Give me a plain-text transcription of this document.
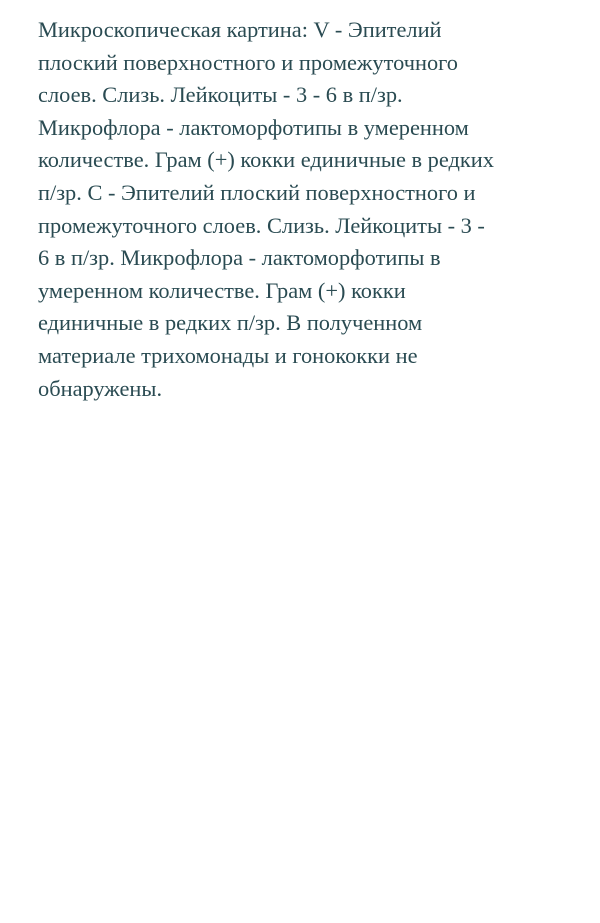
Микроскопическая картина: V - Эпителий
плоский поверхностного и промежуточного
слоев. Слизь. Лейкоциты - 3 - 6 в п/зр.
Микрофлора - лактоморфотипы в умеренном
количестве. Грам (+) кокки единичные в редких
п/зр. С - Эпителий плоский поверхностного и
промежуточного слоев. Слизь. Лейкоциты - 3 -
6 в п/зр. Микрофлора - лактоморфотипы в
умеренном количестве. Грам (+) кокки
единичные в редких п/зр. В полученном
материале трихомонады и гонококки не
обнаружены.
